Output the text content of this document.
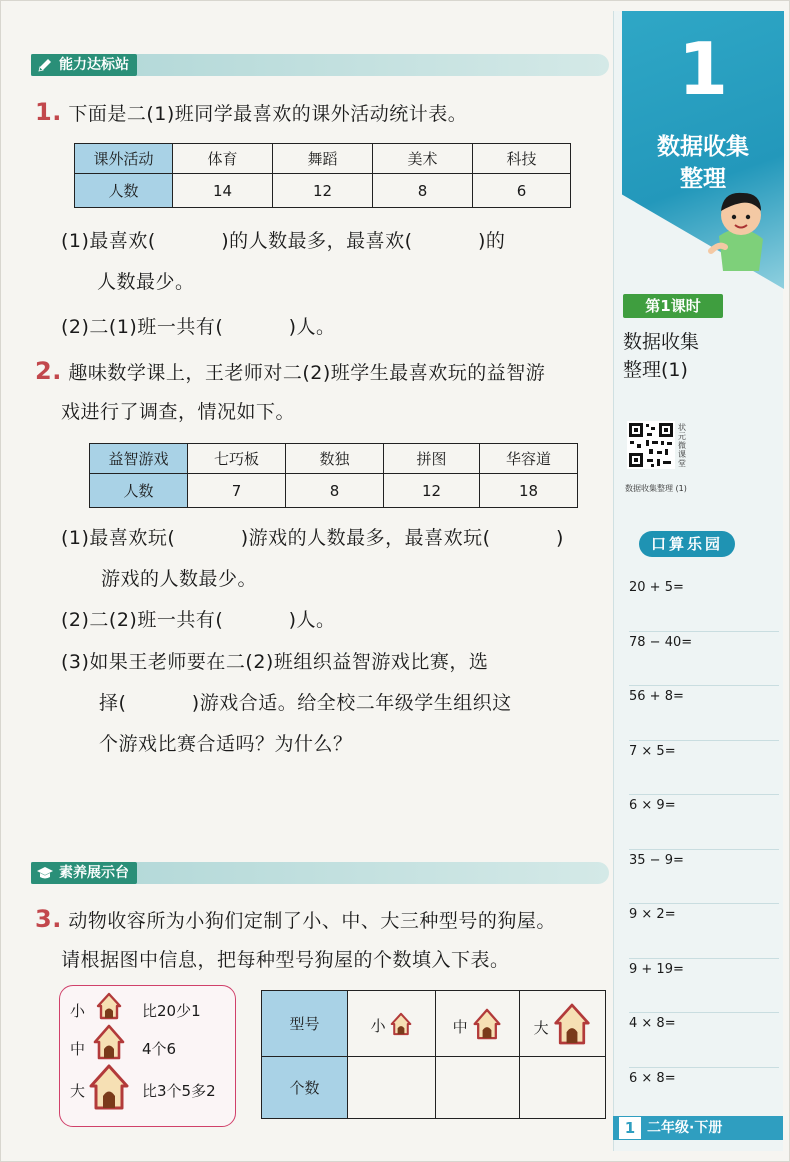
能力达标站
1. 下面是二(1)班同学最喜欢的课外活动统计表。
课外活动	体育	舞蹈	美术	科技
人数	14	12	8	6
(1)最喜欢(          )的人数最多，最喜欢(          )的
人数最少。
(2)二(1)班一共有(          )人。
2. 趣味数学课上，王老师对二(2)班学生最喜欢玩的益智游
戏进行了调查，情况如下。
益智游戏	七巧板	数独	拼图	华容道
人数	7	8	12	18
(1)最喜欢玩(          )游戏的人数最多，最喜欢玩(          )
游戏的人数最少。
(2)二(2)班一共有(          )人。
(3)如果王老师要在二(2)班组织益智游戏比赛，选
择(          )游戏合适。给全校二年级学生组织这
个游戏比赛合适吗？为什么？
素养展示台
3. 动物收容所为小狗们定制了小、中、大三种型号的狗屋。
请根据图中信息，把每种型号狗屋的个数填入下表。
小	比20少1
中	4个6
大	比3个5多2
型号	小	中	大
个数			
1
数据收集
整理
第1课时
数据收集
整理(1)
状元微课堂
数据收集整理 (1)
口算乐园
20 + 5=
78 − 40=
56 + 8=
7 × 5=
6 × 9=
35 − 9=
9 × 2=
9 + 19=
4 × 8=
6 × 8=
1 二年级·下册
